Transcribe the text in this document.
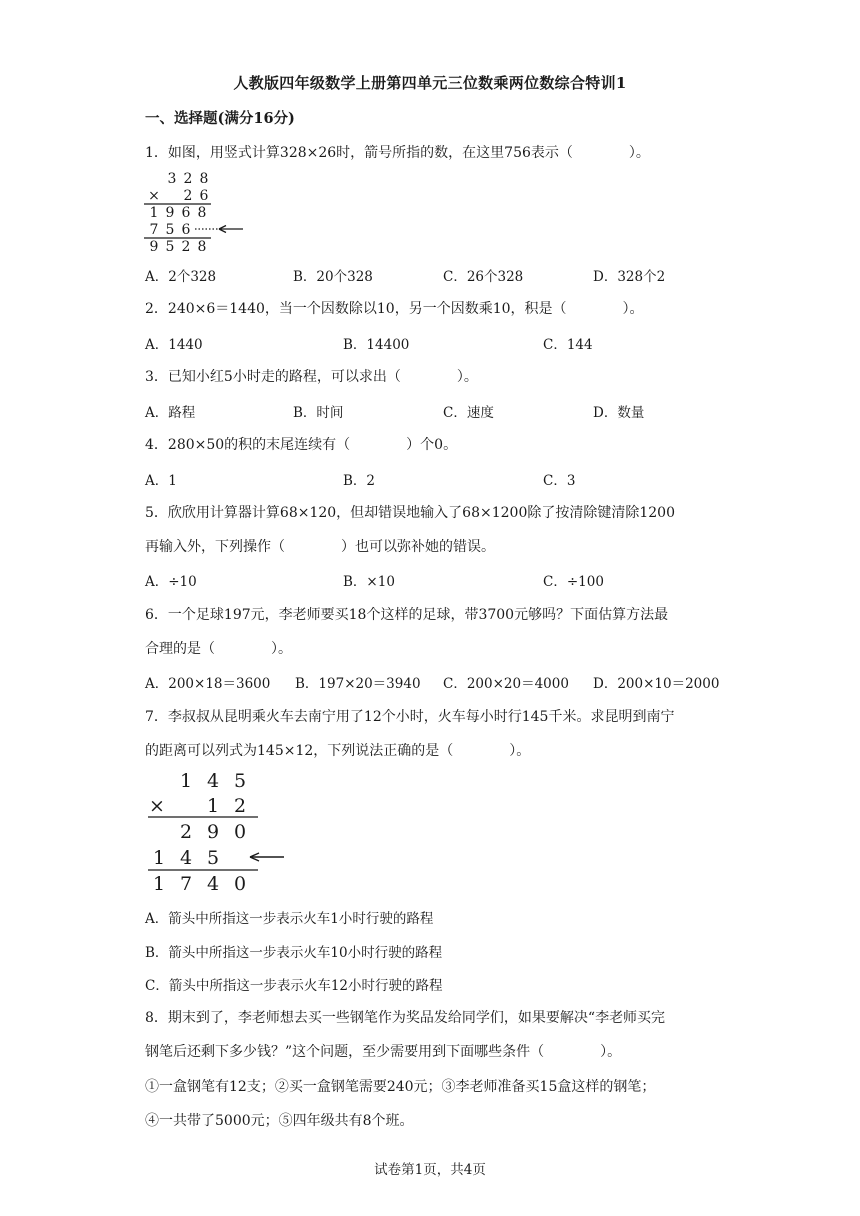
人教版四年级数学上册第四单元三位数乘两位数综合特训1
一、选择题(满分16分)
1．如图，用竖式计算328×26时，箭号所指的数，在这里756表示（　　　　）。
3 2 8
× 2 6
1 9 6 8
7 5 6
9 5 2 8
A．2个328	B．20个328	C．26个328	D．328个2
2．240×6＝1440，当一个因数除以10，另一个因数乘10，积是（　　　　）。
A．1440	B．14400	C．144
3．已知小红5小时走的路程，可以求出（　　　　）。
A．路程	B．时间	C．速度	D．数量
4．280×50的积的末尾连续有（　　　　）个0。
A．1	B．2	C．3
5．欣欣用计算器计算68×120，但却错误地输入了68×1200除了按清除键清除1200
再输入外，下列操作（　　　　）也可以弥补她的错误。
A．÷10	B．×10	C．÷100
6．一个足球197元，李老师要买18个这样的足球，带3700元够吗？下面估算方法最
合理的是（　　　　）。
A．200×18＝3600 B．197×20＝3940 C．200×20＝4000 D．200×10＝2000
7．李叔叔从昆明乘火车去南宁用了12个小时，火车每小时行145千米。求昆明到南宁
的距离可以列式为145×12，下列说法正确的是（　　　　）。
1 4 5
× 1 2
2 9 0
1 4 5
1 7 4 0
A．箭头中所指这一步表示火车1小时行驶的路程
B．箭头中所指这一步表示火车10小时行驶的路程
C．箭头中所指这一步表示火车12小时行驶的路程
8．期末到了，李老师想去买一些钢笔作为奖品发给同学们，如果要解决“李老师买完
钢笔后还剩下多少钱？”这个问题，至少需要用到下面哪些条件（　　　　）。
①一盒钢笔有12支；②买一盒钢笔需要240元；③李老师准备买15盒这样的钢笔；
④一共带了5000元；⑤四年级共有8个班。
试卷第1页，共4页
